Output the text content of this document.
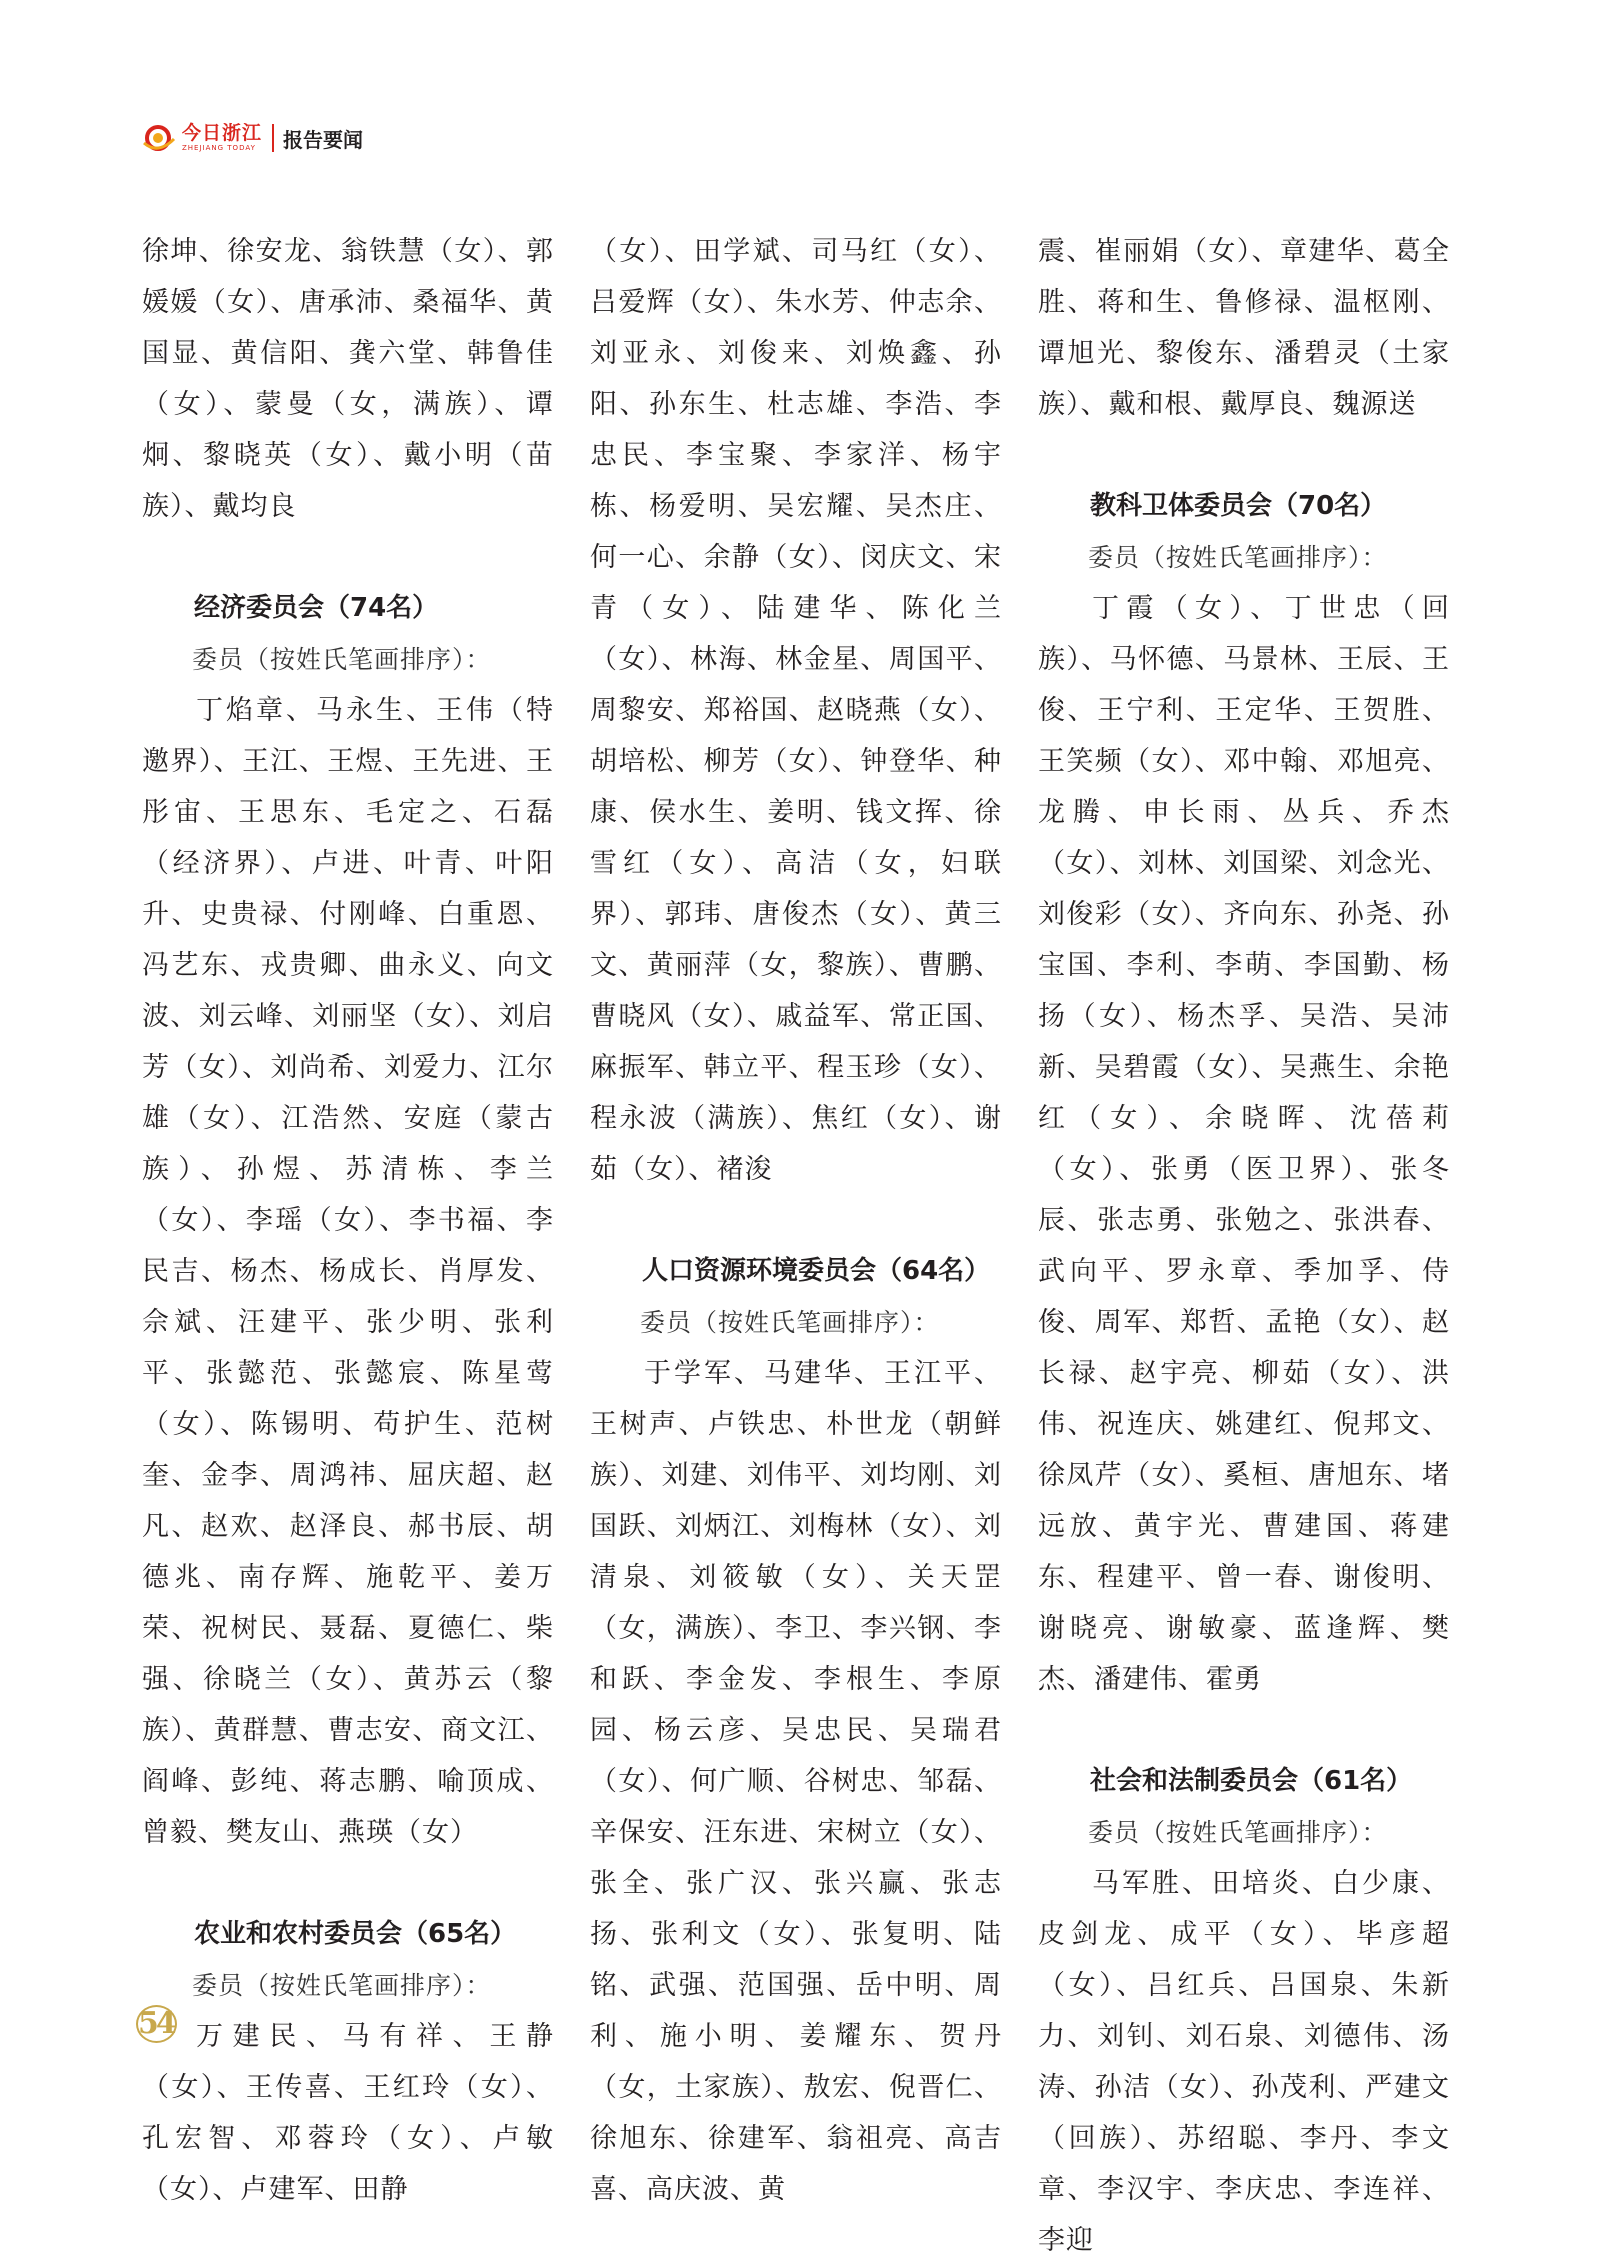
今日浙江
ZHEJIANG TODAY	报告要闻

徐坤、徐安龙、翁铁慧（女）、郭媛媛（女）、唐承沛、桑福华、黄国显、黄信阳、龚六堂、韩鲁佳（女）、蒙曼（女，满族）、谭炯、黎晓英（女）、戴小明（苗族）、戴均良

经济委员会（74名）

委员（按姓氏笔画排序）：

丁焰章、马永生、王伟（特邀界）、王江、王煜、王先进、王彤宙、王思东、毛定之、石磊（经济界）、卢进、叶青、叶阳升、史贵禄、付刚峰、白重恩、冯艺东、戎贵卿、曲永义、向文波、刘云峰、刘丽坚（女）、刘启芳（女）、刘尚希、刘爱力、江尔雄（女）、江浩然、安庭（蒙古族）、孙煜、苏清栋、李兰（女）、李瑶（女）、李书福、李民吉、杨杰、杨成长、肖厚发、佘斌、汪建平、张少明、张利平、张懿范、张懿宸、陈星莺（女）、陈锡明、苟护生、范树奎、金李、周鸿祎、屈庆超、赵凡、赵欢、赵泽良、郝书辰、胡德兆、南存辉、施乾平、姜万荣、祝树民、聂磊、夏德仁、柴强、徐晓兰（女）、黄苏云（黎族）、黄群慧、曹志安、商文江、阎峰、彭纯、蒋志鹏、喻顶成、曾毅、樊友山、燕瑛（女）

农业和农村委员会（65名）

委员（按姓氏笔画排序）：

万建民、马有祥、王静（女）、王传喜、王红玲（女）、孔宏智、邓蓉玲（女）、卢敏（女）、卢建军、田静

（女）、田学斌、司马红（女）、吕爱辉（女）、朱水芳、仲志余、刘亚永、刘俊来、刘焕鑫、孙阳、孙东生、杜志雄、李浩、李忠民、李宝聚、李家洋、杨宇栋、杨爱明、吴宏耀、吴杰庄、何一心、余静（女）、闵庆文、宋青（女）、陆建华、陈化兰（女）、林海、林金星、周国平、周黎安、郑裕国、赵晓燕（女）、胡培松、柳芳（女）、钟登华、种康、侯水生、姜明、钱文挥、徐雪红（女）、高洁（女，妇联界）、郭玮、唐俊杰（女）、黄三文、黄丽萍（女，黎族）、曹鹏、曹晓风（女）、戚益军、常正国、麻振军、韩立平、程玉珍（女）、程永波（满族）、焦红（女）、谢茹（女）、褚浚

人口资源环境委员会（64名）

委员（按姓氏笔画排序）：

于学军、马建华、王江平、王树声、卢铁忠、朴世龙（朝鲜族）、刘建、刘伟平、刘均刚、刘国跃、刘炳江、刘梅林（女）、刘清泉、刘筱敏（女）、关天罡（女，满族）、李卫、李兴钢、李和跃、李金发、李根生、李原园、杨云彦、吴忠民、吴瑞君（女）、何广顺、谷树忠、邹磊、辛保安、汪东进、宋树立（女）、张全、张广汉、张兴赢、张志扬、张利文（女）、张复明、陆铭、武强、范国强、岳中明、周利、施小明、姜耀东、贺丹（女，土家族）、敖宏、倪晋仁、徐旭东、徐建军、翁祖亮、高吉喜、高庆波、黄

震、崔丽娟（女）、章建华、葛全胜、蒋和生、鲁修禄、温枢刚、谭旭光、黎俊东、潘碧灵（土家族）、戴和根、戴厚良、魏源送

教科卫体委员会（70名）

委员（按姓氏笔画排序）：

丁霞（女）、丁世忠（回族）、马怀德、马景林、王辰、王俊、王宁利、王定华、王贺胜、王笑频（女）、邓中翰、邓旭亮、龙腾、申长雨、丛兵、乔杰（女）、刘林、刘国梁、刘念光、刘俊彩（女）、齐向东、孙尧、孙宝国、李利、李萌、李国勤、杨扬（女）、杨杰孚、吴浩、吴沛新、吴碧霞（女）、吴燕生、余艳红（女）、余晓晖、沈蓓莉（女）、张勇（医卫界）、张冬辰、张志勇、张勉之、张洪春、武向平、罗永章、季加孚、侍俊、周军、郑哲、孟艳（女）、赵长禄、赵宇亮、柳茹（女）、洪伟、祝连庆、姚建红、倪邦文、徐凤芹（女）、奚桓、唐旭东、堵远放、黄宇光、曹建国、蒋建东、程建平、曾一春、谢俊明、谢晓亮、谢敏豪、蓝逢辉、樊杰、潘建伟、霍勇

社会和法制委员会（61名）

委员（按姓氏笔画排序）：

马军胜、田培炎、白少康、皮剑龙、成平（女）、毕彦超（女）、吕红兵、吕国泉、朱新力、刘钊、刘石泉、刘德伟、汤涛、孙洁（女）、孙茂利、严建文（回族）、苏绍聪、李丹、李文章、李汉宇、李庆忠、李连祥、李迎

54
